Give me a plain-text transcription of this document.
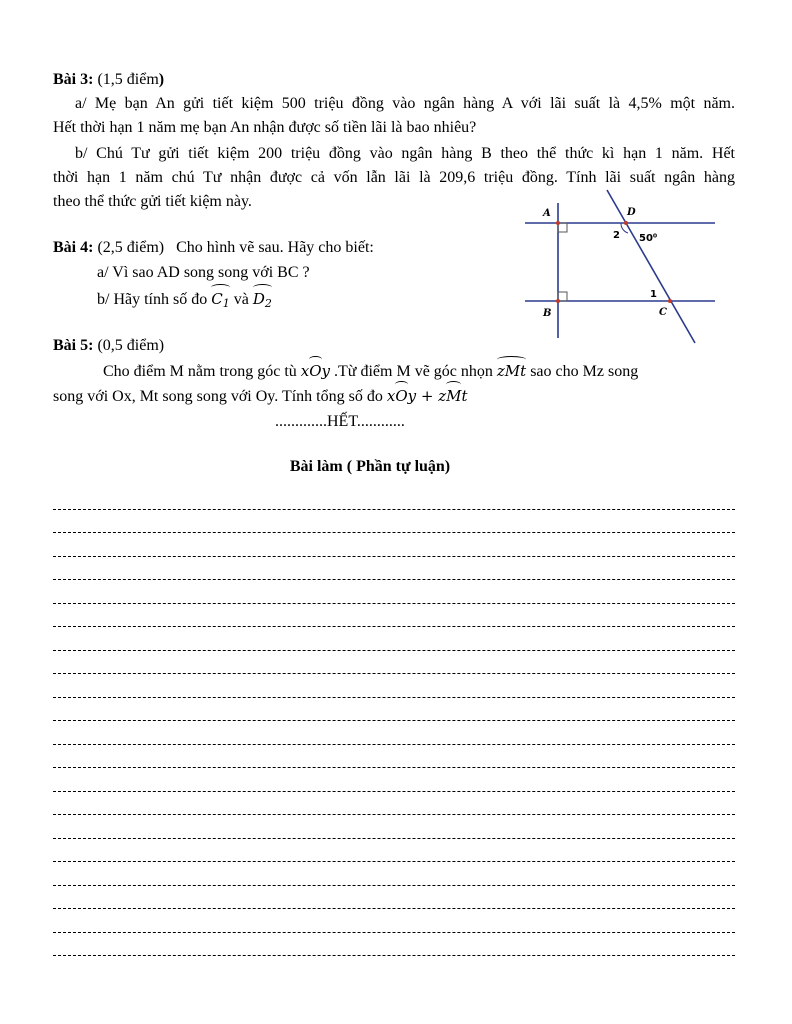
Bài 3: (1,5 điểm)
a/ Mẹ bạn An gửi tiết kiệm 500 triệu đồng vào ngân hàng A với lãi suất là 4,5% một năm.
Hết thời hạn 1 năm mẹ bạn An nhận được số tiền lãi là bao nhiêu?
b/ Chú Tư gửi tiết kiệm 200 triệu đồng vào ngân hàng B theo thể thức kì hạn 1 năm. Hết
thời hạn 1 năm chú Tư nhận được cả vốn lẫn lãi là 209,6 triệu đồng. Tính lãi suất ngân hàng
theo thể thức gửi tiết kiệm này.
Bài 4: (2,5 điểm)   Cho hình vẽ sau. Hãy cho biết:
a/ Vì sao AD song song với BC ?
b/ Hãy tính số đo $C_1$ và $D_2$
Bài 5: (0,5 điểm)
Cho điểm M nằm trong góc tù xOy .Từ điểm M vẽ góc nhọn zMt sao cho Mz song
song với Ox, Mt song song với Oy. Tính tổng số đo xOy + zMt
.............HẾT............
A
B	C
D
2
1
50⁰
Bài làm ( Phần tự luận)
